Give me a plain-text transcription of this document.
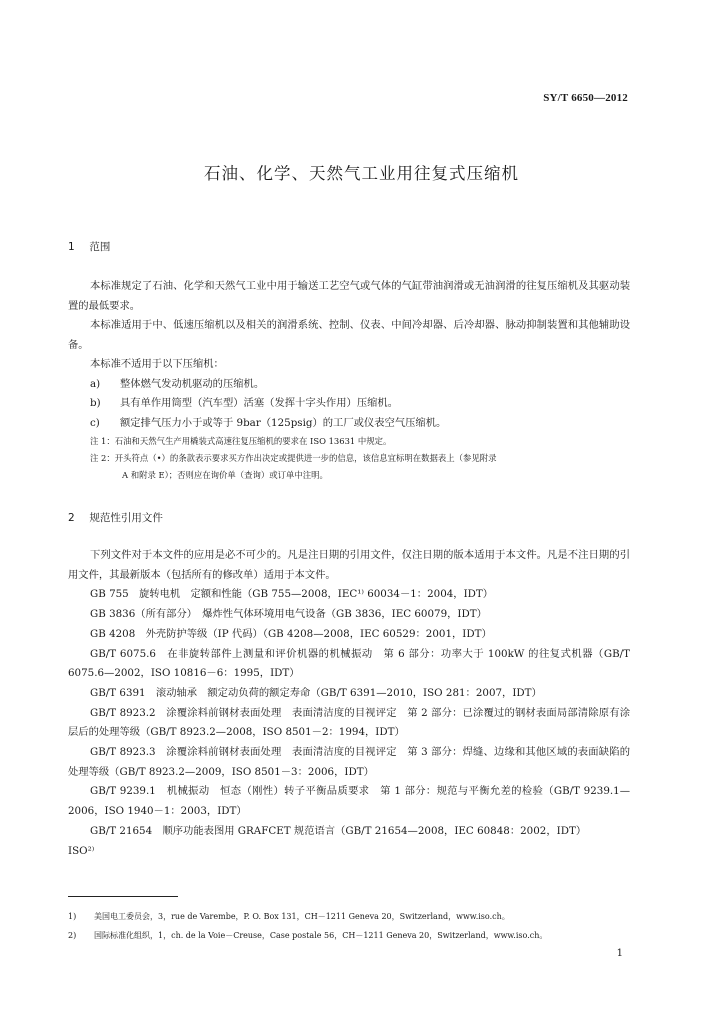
SY/T 6650—2012
石油、化学、天然气工业用往复式压缩机
1 范围

本标准规定了石油、化学和天然气工业中用于输送工艺空气或气体的气缸带油润滑或无油润滑的往复压缩机及其驱动装置的最低要求。

本标准适用于中、低速压缩机以及相关的润滑系统、控制、仪表、中间冷却器、后冷却器、脉动抑制装置和其他辅助设备。

本标准不适用于以下压缩机：

a) 整体燃气发动机驱动的压缩机。

b) 具有单作用筒型（汽车型）活塞（发挥十字头作用）压缩机。

c) 额定排气压力小于或等于 9bar（125psig）的工厂或仪表空气压缩机。

注 1：石油和天然气生产用橇装式高速往复压缩机的要求在 ISO 13631 中规定。

注 2：开头符点（•）的条款表示要求买方作出决定或提供进一步的信息，该信息宜标明在数据表上（参见附录

A 和附录 E）；否则应在询价单（查询）或订单中注明。

2 规范性引用文件

下列文件对于本文件的应用是必不可少的。凡是注日期的引用文件，仅注日期的版本适用于本文件。凡是不注日期的引用文件，其最新版本（包括所有的修改单）适用于本文件。

GB 755　旋转电机　定额和性能（GB 755—2008，IEC¹⁾ 60034－1：2004，IDT）

GB 3836（所有部分）　爆炸性气体环境用电气设备（GB 3836，IEC 60079，IDT）

GB 4208　外壳防护等级（IP 代码）（GB 4208—2008，IEC 60529：2001，IDT）

GB/T 6075.6　在非旋转部件上测量和评价机器的机械振动　第 6 部分：功率大于 100kW 的往复式机器（GB/T 6075.6—2002，ISO 10816－6：1995，IDT）

GB/T 6391　滚动轴承　额定动负荷的额定寿命（GB/T 6391—2010，ISO 281：2007，IDT）

GB/T 8923.2　涂覆涂料前钢材表面处理　表面清洁度的目视评定　第 2 部分：已涂覆过的钢材表面局部清除原有涂层后的处理等级（GB/T 8923.2—2008，ISO 8501－2：1994，IDT）

GB/T 8923.3　涂覆涂料前钢材表面处理　表面清洁度的目视评定　第 3 部分：焊缝、边缘和其他区域的表面缺陷的处理等级（GB/T 8923.2—2009，ISO 8501－3：2006，IDT）

GB/T 9239.1　机械振动　恒态（刚性）转子平衡品质要求　第 1 部分：规范与平衡允差的检验（GB/T 9239.1—2006，ISO 1940－1：2003，IDT）

GB/T 21654　顺序功能表图用 GRAFCET 规范语言（GB/T 21654—2008，IEC 60848：2002，IDT）

ISO²⁾

1) 美国电工委员会，3，rue de Varembe，P. O. Box 131，CH－1211 Geneva 20，Switzerland，www.iso.ch。
2) 国际标准化组织，1，ch. de la Voie－Creuse，Case postale 56，CH－1211 Geneva 20，Switzerland，www.iso.ch。
1
